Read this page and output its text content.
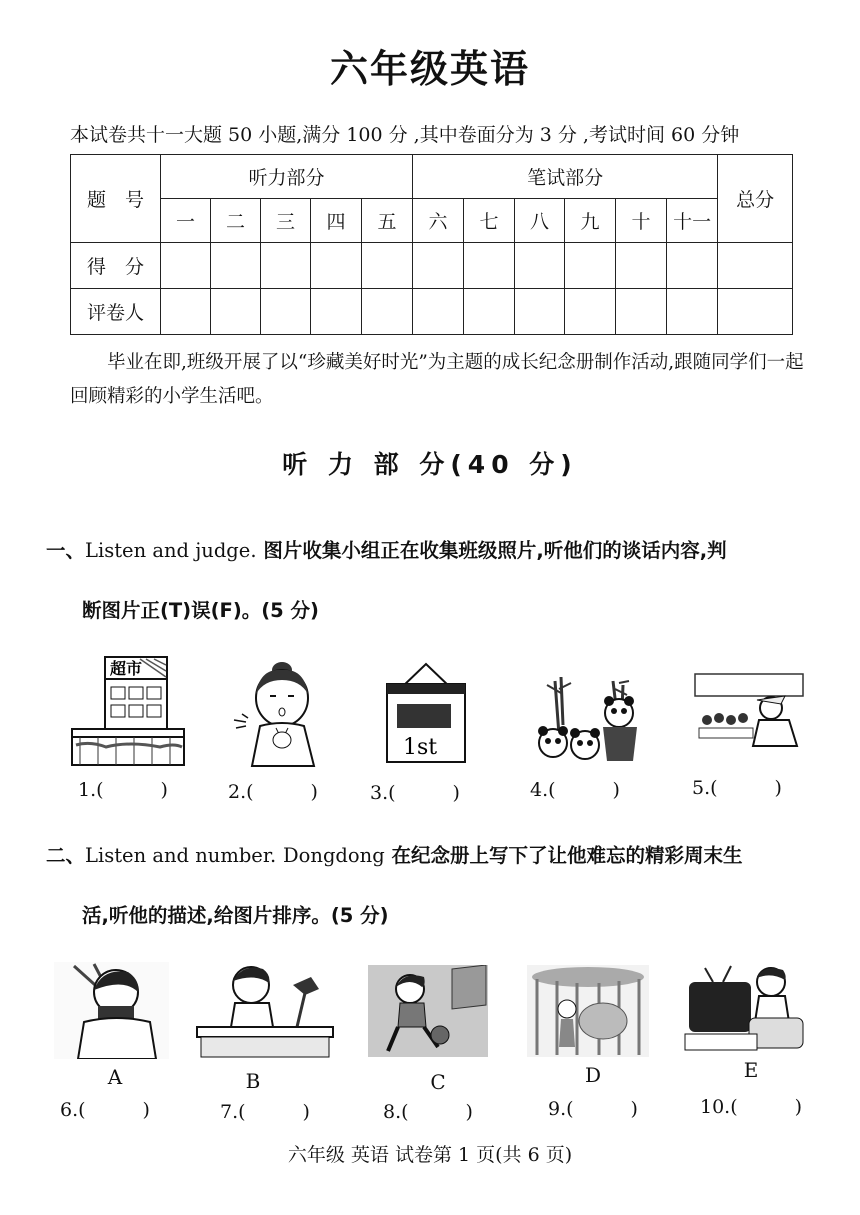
六年级英语
本试卷共十一大题 50 小题,满分 100 分 ,其中卷面分为 3 分 ,考试时间 60 分钟
题　号	听力部分					笔试部分						总分
	一	二	三	四	五	六	七	八	九	十	十一	
得　分												
评卷人												
毕业在即,班级开展了以“珍藏美好时光”为主题的成长纪念册制作活动,跟随同学们一起回顾精彩的小学生活吧。
听 力 部 分(40 分)
一、Listen and judge. 图片收集小组正在收集班级照片,听他们的谈话内容,判
断图片正(T)误(F)。(5 分)
超市
1st
1.(　　　)	2.(　　　)	3.(　　　)	4.(　　　)	5.(　　　)
二、Listen and number. Dongdong 在纪念册上写下了让他难忘的精彩周末生
活,听他的描述,给图片排序。(5 分)
A	B	C	D	E
6.(　　　)	7.(　　　)	8.(　　　)	9.(　　　)	10.(　　　)
六年级 英语 试卷第 1 页(共 6 页)
